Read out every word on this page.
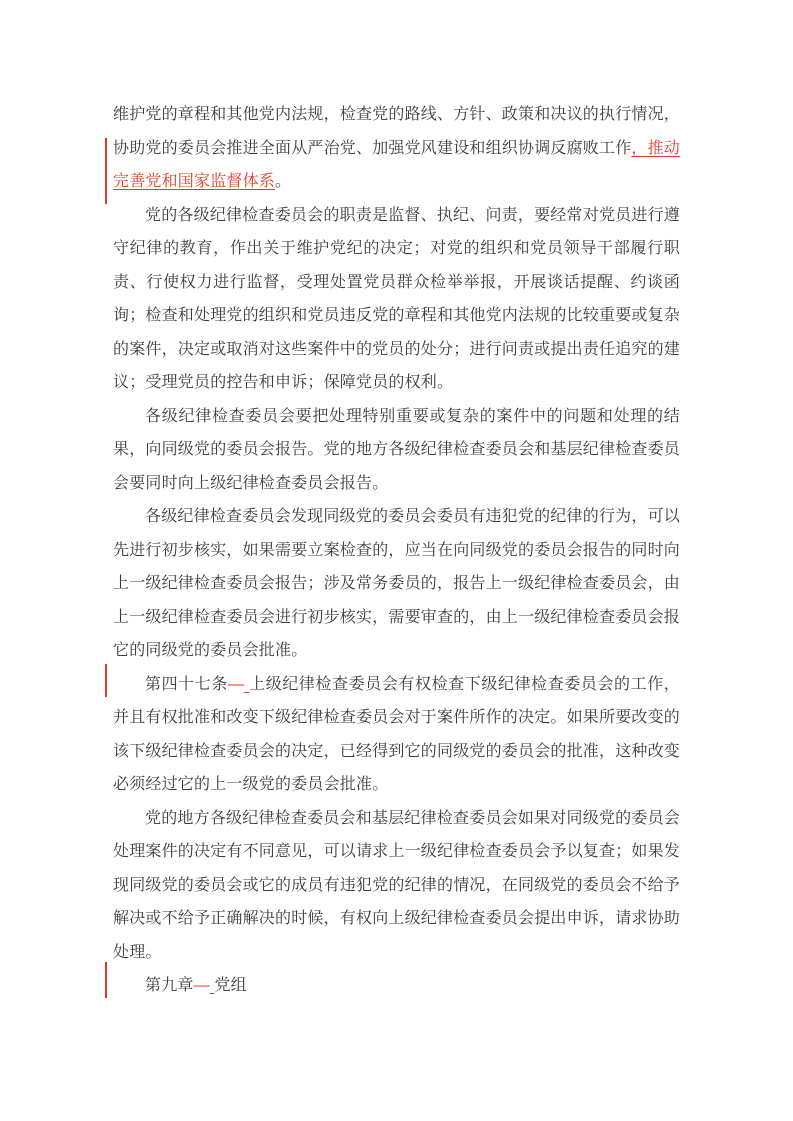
维护党的章程和其他党内法规，检查党的路线、方针、政策和决议的执行情况，协助党的委员会推进全面从严治党、加强党风建设和组织协调反腐败工作，推动完善党和国家监督体系。

党的各级纪律检查委员会的职责是监督、执纪、问责，要经常对党员进行遵守纪律的教育，作出关于维护党纪的决定；对党的组织和党员领导干部履行职责、行使权力进行监督，受理处置党员群众检举举报，开展谈话提醒、约谈函询；检查和处理党的组织和党员违反党的章程和其他党内法规的比较重要或复杂的案件，决定或取消对这些案件中的党员的处分；进行问责或提出责任追究的建议；受理党员的控告和申诉；保障党员的权利。

各级纪律检查委员会要把处理特别重要或复杂的案件中的问题和处理的结果，向同级党的委员会报告。党的地方各级纪律检查委员会和基层纪律检查委员会要同时向上级纪律检查委员会报告。

各级纪律检查委员会发现同级党的委员会委员有违犯党的纪律的行为，可以先进行初步核实，如果需要立案检查的，应当在向同级党的委员会报告的同时向上一级纪律检查委员会报告；涉及常务委员的，报告上一级纪律检查委员会，由上一级纪律检查委员会进行初步核实，需要审查的，由上一级纪律检查委员会报它的同级党的委员会批准。

第四十七条— 上级纪律检查委员会有权检查下级纪律检查委员会的工作，并且有权批准和改变下级纪律检查委员会对于案件所作的决定。如果所要改变的该下级纪律检查委员会的决定，已经得到它的同级党的委员会的批准，这种改变必须经过它的上一级党的委员会批准。

党的地方各级纪律检查委员会和基层纪律检查委员会如果对同级党的委员会处理案件的决定有不同意见，可以请求上一级纪律检查委员会予以复查；如果发现同级党的委员会或它的成员有违犯党的纪律的情况，在同级党的委员会不给予解决或不给予正确解决的时候，有权向上级纪律检查委员会提出申诉，请求协助处理。

第九章— 党组
